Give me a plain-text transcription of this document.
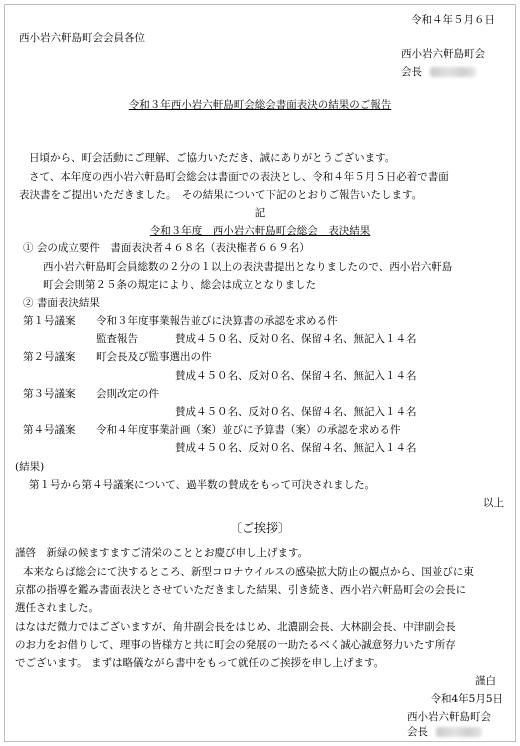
令和４年５月６日
西小岩六軒島町会会員各位
西小岩六軒島町会
会長
令和３年西小岩六軒島町会総会書面表決の結果のご報告
日頃から、町会活動にご理解、ご協力いただき、誠にありがとうございます。
さて、本年度の西小岩六軒島町会総会は書面での表決とし、令和４年５月５日必着で書面
表決書をご提出いただきました。　その結果について下記のとおりご報告いたします。
記
令和３年度　西小岩六軒島町会総会　表決結果
① 会の成立要件　書面表決者４６８名（表決権者６６９名）
西小岩六軒島町会員総数の２分の１以上の表決書提出となりましたので、西小岩六軒島
町会会則第２５条の規定により、総会は成立となりました
② 書面表決結果
第１号議案 令和３年度事業報告並びに決算書の承認を求める件
監査報告	賛成４５０名、反対０名、保留４名、無記入１４名
第２号議案 町会長及び監事選出の件
賛成４５０名、反対０名、保留４名、無記入１４名
第３号議案 会則改定の件
賛成４５０名、反対０名、保留４名、無記入１４名
第４号議案 令和４年度事業計画（案）並びに予算書（案）の承認を求める件
賛成４５０名、反対０名、保留４名、無記入１４名
(結果)
第１号から第４号議案について、過半数の賛成をもって可決されました。
以上
〔ご挨拶〕
謹啓　新緑の候ますますご清栄のこととお慶び申し上げます。
本来ならば総会にて決するところ、新型コロナウイルスの感染拡大防止の観点から、国並びに東
京都の指導を鑑み書面表決とさせていただきました結果、引き続き、西小岩六軒島町会の会長に
選任されました。
はなはだ微力ではございますが、角井副会長をはじめ、北濃副会長、大林副会長、中津副会長
のお力をお借りして、理事の皆様方と共に町会の発展の一助たるべく誠心誠意努力いたす所存
でございます。 まずは略儀ながら書中をもって就任のご挨拶を申し上げます。
謹白
令和4年5月5日
西小岩六軒島町会
会長
